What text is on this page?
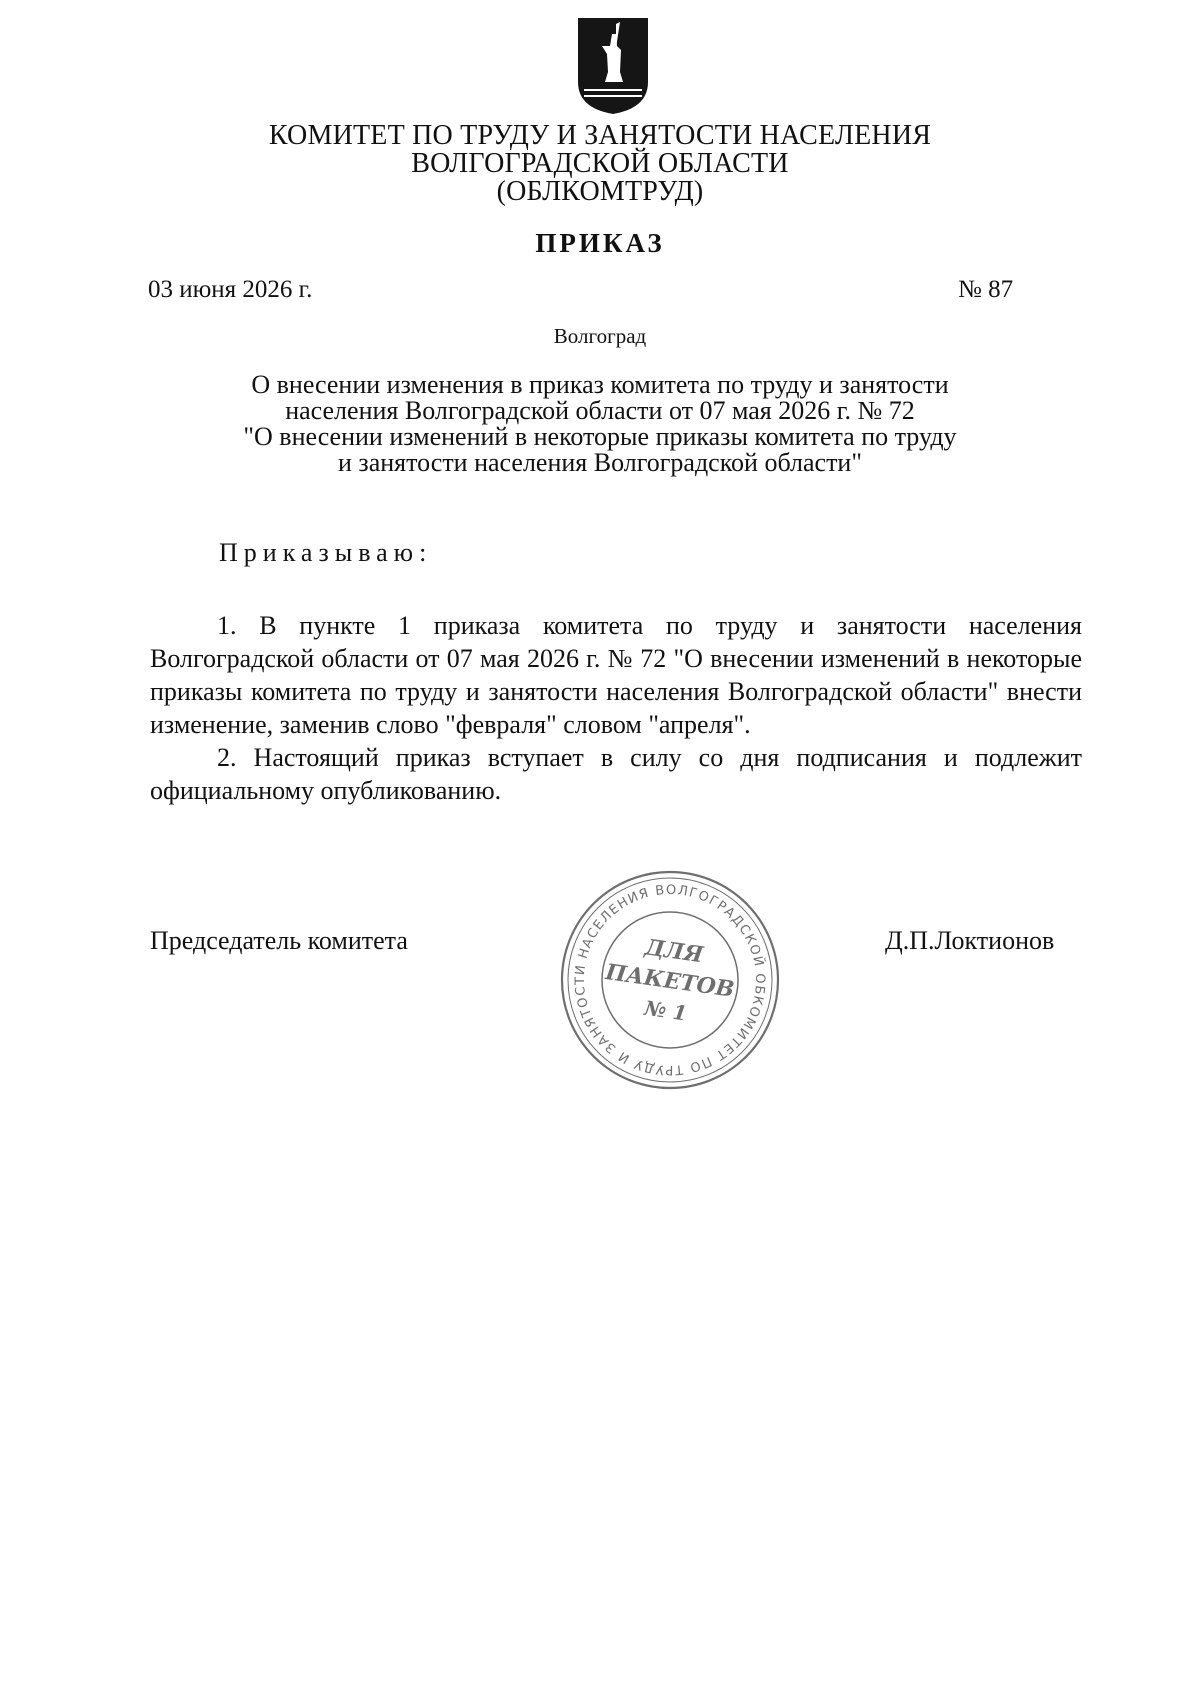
КОМИТЕТ ПО ТРУДУ И ЗАНЯТОСТИ НАСЕЛЕНИЯ
ВОЛГОГРАДСКОЙ ОБЛАСТИ
(ОБЛКОМТРУД)
ПРИКАЗ
03 июня 2026 г.	№ 87
Волгоград
О внесении изменения в приказ комитета по труду и занятости
населения Волгоградской области от 07 мая 2026 г. № 72
"О внесении изменений в некоторые приказы комитета по труду
и занятости населения Волгоградской области"
Приказываю:

1. В пункте 1 приказа комитета по труду и занятости населения Волгоградской области от 07 мая 2026 г. № 72 "О внесении изменений в некоторые приказы комитета по труду и занятости населения Волгоградской области" внести изменение, заменив слово "февраля" словом "апреля".

2. Настоящий приказ вступает в силу со дня подписания и подлежит официальному опубликованию.

Председатель комитета	Д.П.Локтионов
КОМИТЕТ ПО ТРУДУ И ЗАНЯТОСТИ НАСЕЛЕНИЯ ВОЛГОГРАДСКОЙ ОБЛАСТИ
ДЛЯ
ПАКЕТОВ
№ 1
